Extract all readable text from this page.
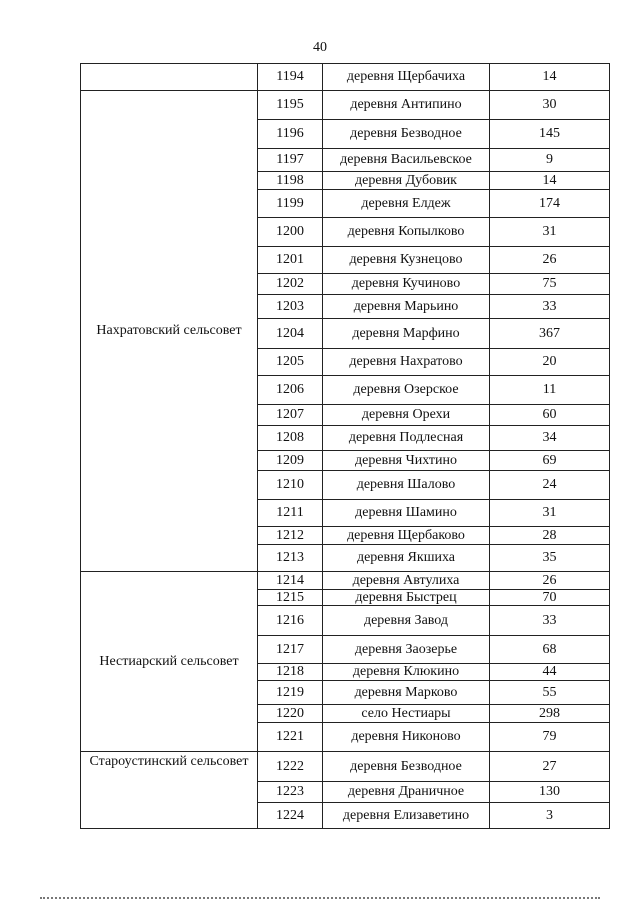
40
	1194	деревня Щербачиха	14
Нахратовский сельсовет	1195	деревня Антипино	30
	1196	деревня Безводное	145
	1197	деревня Васильевское	9
	1198	деревня Дубовик	14
	1199	деревня Елдеж	174
	1200	деревня Копылково	31
	1201	деревня Кузнецово	26
	1202	деревня Кучиново	75
	1203	деревня Марьино	33
	1204	деревня Марфино	367
	1205	деревня Нахратово	20
	1206	деревня Озерское	11
	1207	деревня Орехи	60
	1208	деревня Подлесная	34
	1209	деревня Чихтино	69
	1210	деревня Шалово	24
	1211	деревня Шамино	31
	1212	деревня Щербаково	28
	1213	деревня Якшиха	35
Нестиарский сельсовет	1214	деревня Автулиха	26
	1215	деревня Быстрец	70
	1216	деревня Завод	33
	1217	деревня Заозерье	68
	1218	деревня Клюкино	44
	1219	деревня Марково	55
	1220	село Нестиары	298
	1221	деревня Никоново	79
Староустинский сельсовет	1222	деревня Безводное	27
	1223	деревня Драничное	130
	1224	деревня Елизаветино	3
